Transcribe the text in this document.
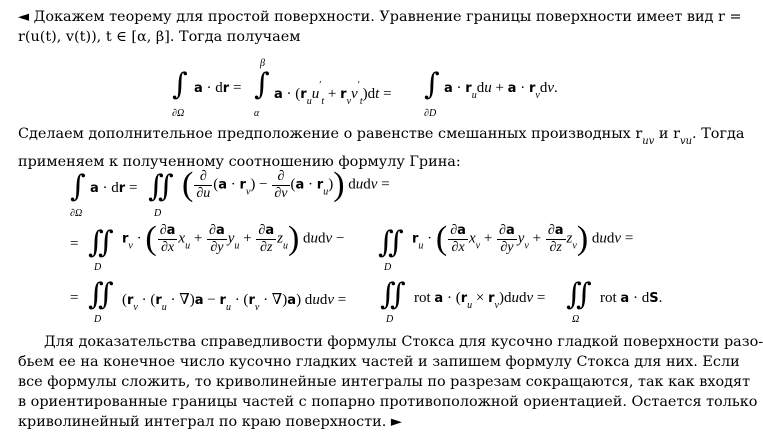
◄ Докажем теорему для простой поверхности. Уравнение границы поверхности имеет вид r =
r(u(t), v(t)), t ∈ [α, β]. Тогда получаем
∫
∂Ω
a · dr = ∫
β
α
$a \cdot (r_uu'_t + r_vv'_t)dt$ = ∫
∂D
$a \cdot r_udu + a \cdot r_vdv$.
Сделаем дополнительное предположение о равенстве смешанных производных $r_{uv}$ и $r_{vu}$. Тогда
применяем к полученному соотношению формулу Грина:
∫
∂Ω
a · dr = ∬
D
( $\frac{\partial}{\partial u} (a \cdot r_v) - \frac{\partial}{\partial v} (a \cdot r_u)$) dudv =
= ∬
D
$r_v$ · ( $\frac{\partial a}{\partial x} x_u + \frac{\partial a}{\partial y} y_u + \frac{\partial a}{\partial z} z_u$) dudv − ∬
D
$r_u$ · ( $\frac{\partial a}{\partial x} x_v + \frac{\partial a}{\partial y} y_v + \frac{\partial a}{\partial z} z_v$) dudv =
= ∬
D
$(r_v \cdot (r_u \cdot \nabla)a - r_u \cdot (r_v \cdot \nabla)a)$ dudv = ∬
D
rot $a \cdot (r_u$ × $r_v)dudv$ = ∬
Ω
rot a · dS.
Для доказательства справедливости формулы Стокса для кусочно гладкой поверхности разо-
бьем ее на конечное число кусочно гладких частей и запишем формулу Стокса для них. Если
все формулы сложить, то криволинейные интегралы по разрезам сокращаются, так как входят
в ориентированные границы частей с попарно противоположной ориентацией. Остается только
криволинейный интеграл по краю поверхности. ►
